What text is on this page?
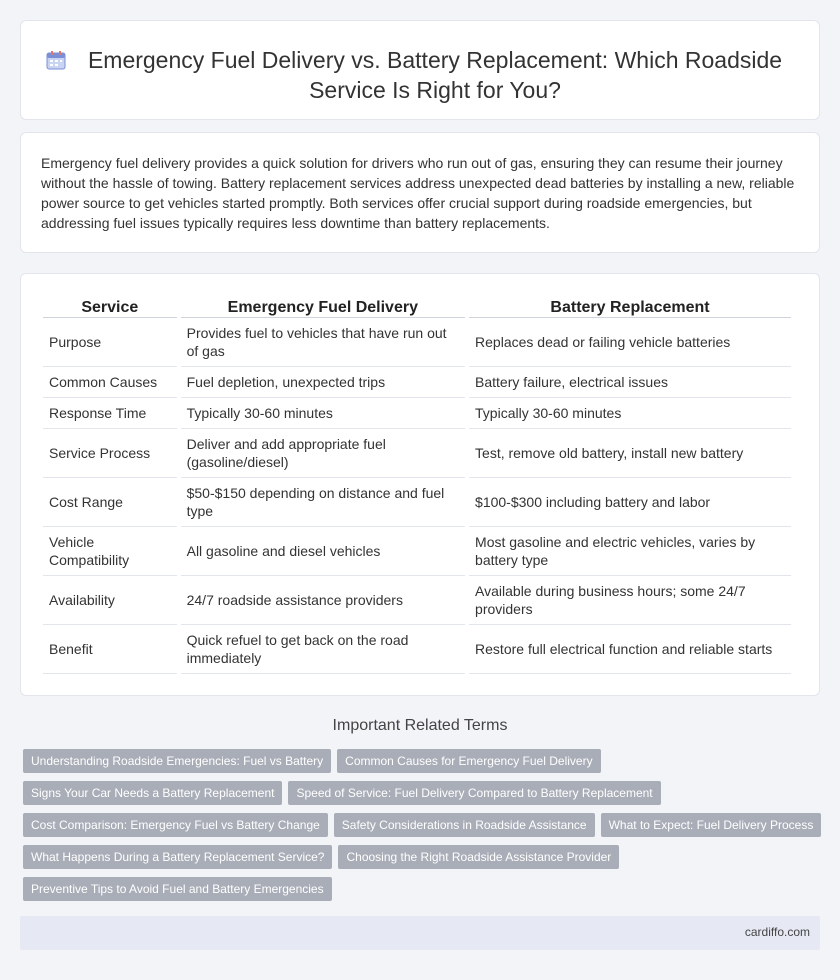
Emergency Fuel Delivery vs. Battery Replacement: Which Roadside Service Is Right for You?

Emergency fuel delivery provides a quick solution for drivers who run out of gas, ensuring they can resume their journey without the hassle of towing. Battery replacement services address unexpected dead batteries by installing a new, reliable power source to get vehicles started promptly. Both services offer crucial support during roadside emergencies, but addressing fuel issues typically requires less downtime than battery replacements.

Service	Emergency Fuel Delivery	Battery Replacement
Purpose	Provides fuel to vehicles that have run out of gas	Replaces dead or failing vehicle batteries
Common Causes	Fuel depletion, unexpected trips	Battery failure, electrical issues
Response Time	Typically 30-60 minutes	Typically 30-60 minutes
Service Process	Deliver and add appropriate fuel (gasoline/diesel)	Test, remove old battery, install new battery
Cost Range	$50-$150 depending on distance and fuel type	$100-$300 including battery and labor
Vehicle Compatibility	All gasoline and diesel vehicles	Most gasoline and electric vehicles, varies by battery type
Availability	24/7 roadside assistance providers	Available during business hours; some 24/7 providers
Benefit	Quick refuel to get back on the road immediately	Restore full electrical function and reliable starts
Important Related Terms
Understanding Roadside Emergencies: Fuel vs Battery	Common Causes for Emergency Fuel Delivery
Signs Your Car Needs a Battery Replacement	Speed of Service: Fuel Delivery Compared to Battery Replacement
Cost Comparison: Emergency Fuel vs Battery Change	Safety Considerations in Roadside Assistance	What to Expect: Fuel Delivery Process
What Happens During a Battery Replacement Service?	Choosing the Right Roadside Assistance Provider
Preventive Tips to Avoid Fuel and Battery Emergencies
cardiffo.com
